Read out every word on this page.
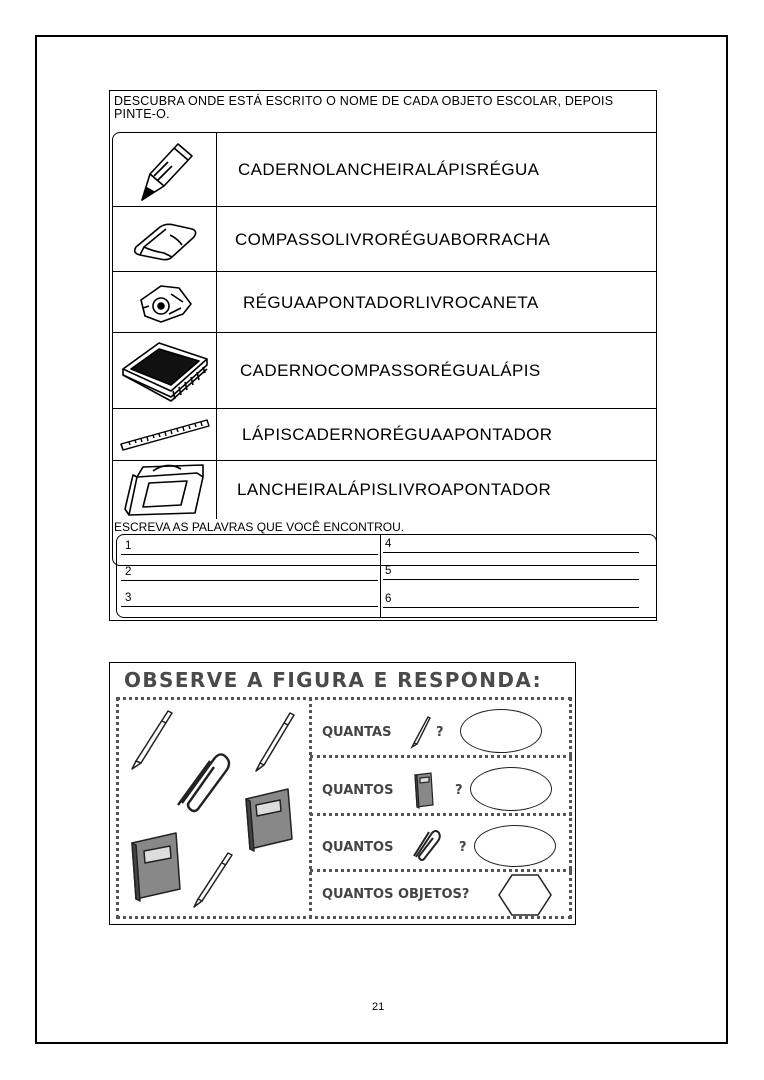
DESCUBRA ONDE ESTÁ ESCRITO O NOME DE CADA OBJETO ESCOLAR, DEPOIS PINTE-O.
CADERNOLANCHEIRALÁPISRÉGUA
COMPASSOLIVRORÉGUABORRACHA
RÉGUAAPONTADORLIVROCANETA
CADERNOCOMPASSORÉGUALÁPIS
LÁPISCADERNORÉGUAAPONTADOR
LANCHEIRALÁPISLIVROAPONTADOR
ESCREVA AS PALAVRAS QUE VOCÊ ENCONTROU.
1
2
3
4
5
6
OBSERVE A FIGURA E RESPONDA:
QUANTAS	?
QUANTOS	?
QUANTOS	?
QUANTOS OBJETOS?
21
